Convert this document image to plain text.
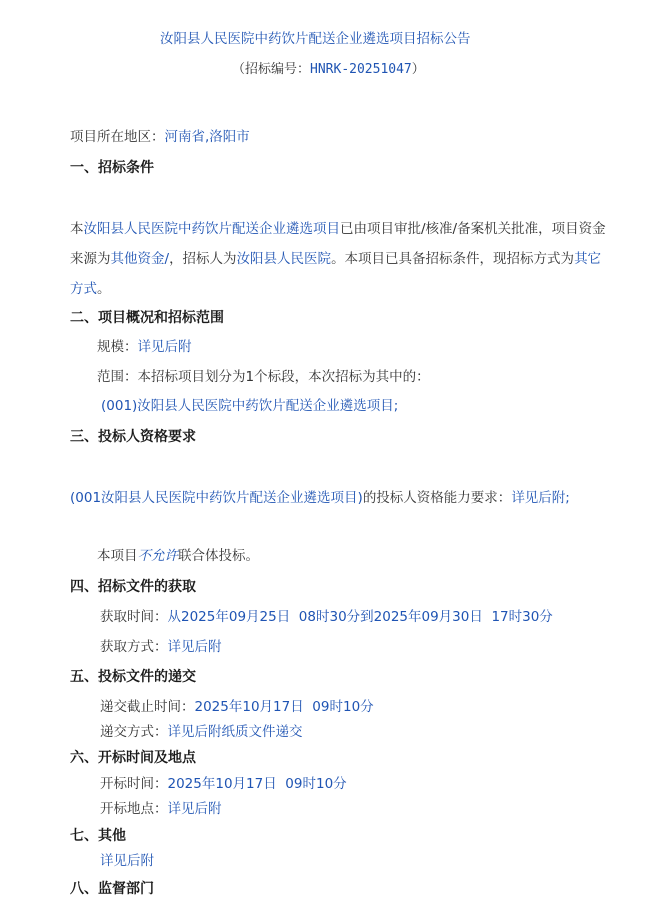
汝阳县人民医院中药饮片配送企业遴选项目招标公告
（招标编号：HNRK-20251047）
项目所在地区：河南省,洛阳市
一、招标条件
本汝阳县人民医院中药饮片配送企业遴选项目已由项目审批/核准/备案机关批准，项目资金来源为其他资金/，招标人为汝阳县人民医院。本项目已具备招标条件，现招标方式为其它方式。
二、项目概况和招标范围
规模：详见后附
范围：本招标项目划分为1个标段，本次招标为其中的：
(001)汝阳县人民医院中药饮片配送企业遴选项目;
三、投标人资格要求
(001汝阳县人民医院中药饮片配送企业遴选项目)的投标人资格能力要求：详见后附;
本项目不允许联合体投标。
四、招标文件的获取
获取时间：从2025年09月25日  08时30分到2025年09月30日  17时30分
获取方式：详见后附
五、投标文件的递交
递交截止时间：2025年10月17日  09时10分
递交方式：详见后附纸质文件递交
六、开标时间及地点
开标时间：2025年10月17日  09时10分
开标地点：详见后附
七、其他
详见后附
八、监督部门
